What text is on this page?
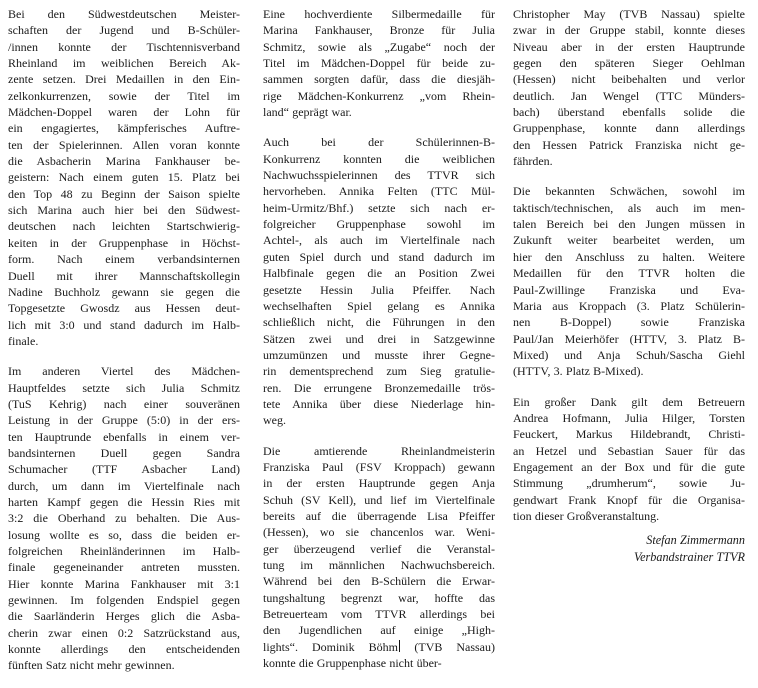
Bei den Südwestdeutschen Meister-
schaften der Jugend und B-Schüler-
/innen konnte der Tischtennisverband
Rheinland im weiblichen Bereich Ak-
zente setzen. Drei Medaillen in den Ein-
zelkonkurrenzen, sowie der Titel im
Mädchen-Doppel waren der Lohn für
ein engagiertes, kämpferisches Auftre-
ten der Spielerinnen. Allen voran konnte
die Asbacherin Marina Fankhauser be-
geistern: Nach einem guten 15. Platz bei
den Top 48 zu Beginn der Saison spielte
sich Marina auch hier bei den Südwest-
deutschen nach leichten Startschwierig-
keiten in der Gruppenphase in Höchst-
form. Nach einem verbandsinternen
Duell mit ihrer Mannschaftskollegin
Nadine Buchholz gewann sie gegen die
Topgesetzte Gwosdz aus Hessen deut-
lich mit 3:0 und stand dadurch im Halb-
finale.
Im anderen Viertel des Mädchen-
Hauptfeldes setzte sich Julia Schmitz
(TuS Kehrig) nach einer souveränen
Leistung in der Gruppe (5:0) in der ers-
ten Hauptrunde ebenfalls in einem ver-
bandsinternen Duell gegen Sandra
Schumacher (TTF Asbacher Land)
durch, um dann im Viertelfinale nach
harten Kampf gegen die Hessin Ries mit
3:2 die Oberhand zu behalten. Die Aus-
losung wollte es so, dass die beiden er-
folgreichen Rheinländerinnen im Halb-
finale gegeneinander antreten mussten.
Hier konnte Marina Fankhauser mit 3:1
gewinnen. Im folgenden Endspiel gegen
die Saarländerin Herges glich die Asba-
cherin zwar einen 0:2 Satzrückstand aus,
konnte allerdings den entscheidenden
fünften Satz nicht mehr gewinnen.
Eine hochverdiente Silbermedaille für
Marina Fankhauser, Bronze für Julia
Schmitz, sowie als „Zugabe“ noch der
Titel im Mädchen-Doppel für beide zu-
sammen sorgten dafür, dass die diesjäh-
rige Mädchen-Konkurrenz „vom Rhein-
land“ geprägt war.
Auch bei der Schülerinnen-B-
Konkurrenz konnten die weiblichen
Nachwuchsspielerinnen des TTVR sich
hervorheben. Annika Felten (TTC Mül-
heim-Urmitz/Bhf.) setzte sich nach er-
folgreicher Gruppenphase sowohl im
Achtel-, als auch im Viertelfinale nach
guten Spiel durch und stand dadurch im
Halbfinale gegen die an Position Zwei
gesetzte Hessin Julia Pfeiffer. Nach
wechselhaften Spiel gelang es Annika
schließlich nicht, die Führungen in den
Sätzen zwei und drei in Satzgewinne
umzumünzen und musste ihrer Gegne-
rin dementsprechend zum Sieg gratulie-
ren. Die errungene Bronzemedaille trös-
tete Annika über diese Niederlage hin-
weg.
Die amtierende Rheinlandmeisterin
Franziska Paul (FSV Kroppach) gewann
in der ersten Hauptrunde gegen Anja
Schuh (SV Kell), und lief im Viertelfinale
bereits auf die überragende Lisa Pfeiffer
(Hessen), wo sie chancenlos war. Weni-
ger überzeugend verlief die Veranstal-
tung im männlichen Nachwuchsbereich.
Während bei den B-Schülern die Erwar-
tungshaltung begrenzt war, hoffte das
Betreuerteam vom TTVR allerdings bei
den Jugendlichen auf einige „High-
lights“. Dominik Böhm (TVB Nassau)
konnte die Gruppenphase nicht über-
Christopher May (TVB Nassau) spielte
zwar in der Gruppe stabil, konnte dieses
Niveau aber in der ersten Hauptrunde
gegen den späteren Sieger Oehlman
(Hessen) nicht beibehalten und verlor
deutlich. Jan Wengel (TTC Münders-
bach) überstand ebenfalls solide die
Gruppenphase, konnte dann allerdings
den Hessen Patrick Franziska nicht ge-
fährden.
Die bekannten Schwächen, sowohl im
taktisch/technischen, als auch im men-
talen Bereich bei den Jungen müssen in
Zukunft weiter bearbeitet werden, um
hier den Anschluss zu halten. Weitere
Medaillen für den TTVR holten die
Paul-Zwillinge Franziska und Eva-
Maria aus Kroppach (3. Platz Schülerin-
nen B-Doppel) sowie Franziska
Paul/Jan Meierhöfer (HTTV, 3. Platz B-
Mixed) und Anja Schuh/Sascha Giehl
(HTTV, 3. Platz B-Mixed).
Ein großer Dank gilt dem Betreuern
Andrea Hofmann, Julia Hilger, Torsten
Feuckert, Markus Hildebrandt, Christi-
an Hetzel und Sebastian Sauer für das
Engagement an der Box und für die gute
Stimmung „drumherum“, sowie Ju-
gendwart Frank Knopf für die Organisa-
tion dieser Großveranstaltung.
Stefan Zimmermann
Verbandstrainer TTVR
